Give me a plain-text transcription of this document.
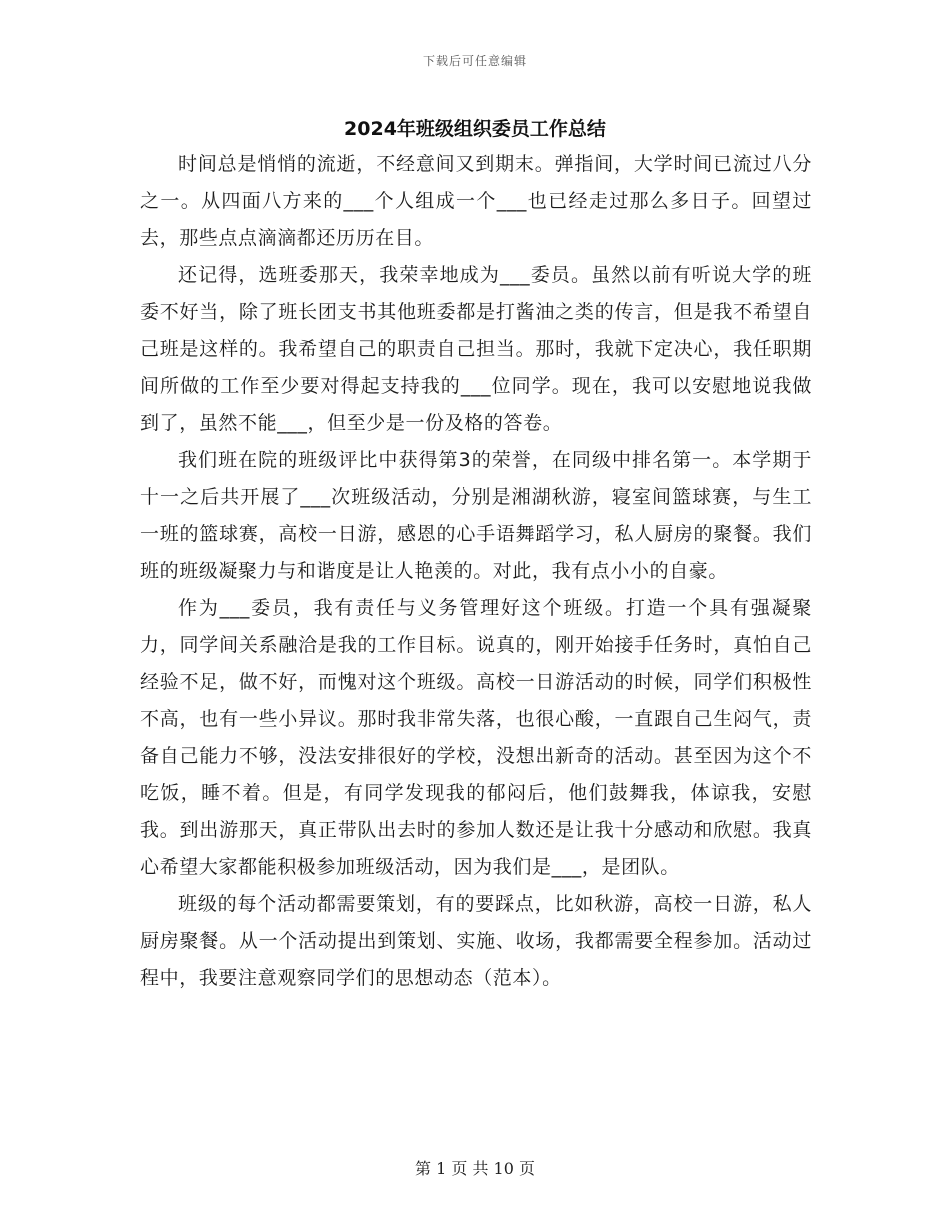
下载后可任意编辑
2024年班级组织委员工作总结

时间总是悄悄的流逝，不经意间又到期末。弹指间，大学时间已流过八分之一。从四面八方来的___个人组成一个___也已经走过那么多日子。回望过去，那些点点滴滴都还历历在目。

还记得，选班委那天，我荣幸地成为___委员。虽然以前有听说大学的班委不好当，除了班长团支书其他班委都是打酱油之类的传言，但是我不希望自己班是这样的。我希望自己的职责自己担当。那时，我就下定决心，我任职期间所做的工作至少要对得起支持我的___位同学。现在，我可以安慰地说我做到了，虽然不能___，但至少是一份及格的答卷。

我们班在院的班级评比中获得第3的荣誉，在同级中排名第一。本学期于十一之后共开展了___次班级活动，分别是湘湖秋游，寝室间篮球赛，与生工一班的篮球赛，高校一日游，感恩的心手语舞蹈学习，私人厨房的聚餐。我们班的班级凝聚力与和谐度是让人艳羡的。对此，我有点小小的自豪。

作为___委员，我有责任与义务管理好这个班级。打造一个具有强凝聚力，同学间关系融洽是我的工作目标。说真的，刚开始接手任务时，真怕自己经验不足，做不好，而愧对这个班级。高校一日游活动的时候，同学们积极性不高，也有一些小异议。那时我非常失落，也很心酸，一直跟自己生闷气，责备自己能力不够，没法安排很好的学校，没想出新奇的活动。甚至因为这个不吃饭，睡不着。但是，有同学发现我的郁闷后，他们鼓舞我，体谅我，安慰我。到出游那天，真正带队出去时的参加人数还是让我十分感动和欣慰。我真心希望大家都能积极参加班级活动，因为我们是___，是团队。

班级的每个活动都需要策划，有的要踩点，比如秋游，高校一日游，私人厨房聚餐。从一个活动提出到策划、实施、收场，我都需要全程参加。活动过程中，我要注意观察同学们的思想动态（范本）。

第 1 页 共 10 页
